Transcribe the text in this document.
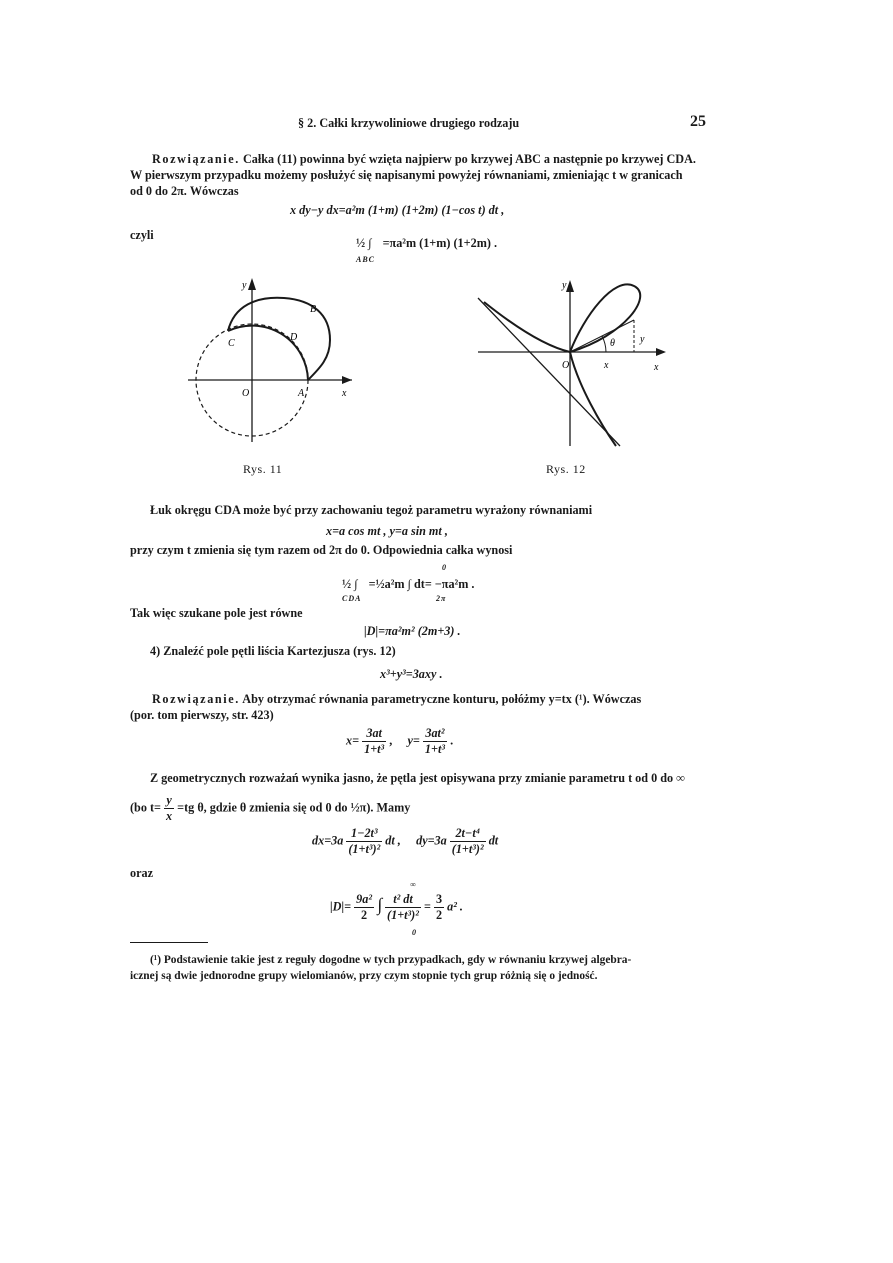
§ 2. Całki krzywoliniowe drugiego rodzaju	25
Rozwiązanie. Całka (11) powinna być wzięta najpierw po krzywej ABC a następnie po krzywej CDA.
W pierwszym przypadku możemy posłużyć się napisanymi powyżej równaniami, zmieniając t w granicach
od 0 do 2π. Wówczas
x dy−y dx=a²m (1+m) (1+2m) (1−cos t) dt ,
czyli
½ ∫ =πa²m (1+m) (1+2m) .
ABC
y
x
O	A
B
C
D
Rys. 11
y
x
x
y
O
θ
Rys. 12
Łuk okręgu CDA może być przy zachowaniu tegoż parametru wyrażony równaniami
x=a cos mt , y=a sin mt ,
przy czym t zmienia się tym razem od 2π do 0. Odpowiednia całka wynosi
0
½ ∫ =½a²m ∫ dt= −πa²m .
CDA	2π
Tak więc szukane pole jest równe
|D|=πa²m² (2m+3) .
4) Znaleźć pole pętli liścia Kartezjusza (rys. 12)
x³+y³=3axy .
Rozwiązanie. Aby otrzymać równania parametryczne konturu, połóżmy y=tx (¹). Wówczas
(por. tom pierwszy, str. 423)
$x= \frac{3at}{\text{1+t³}}$ , $y= \frac{\text{3at²}}{\text{1+t³}}$ .
Z geometrycznych rozważań wynika jasno, że pętla jest opisywana przy zmianie parametru t od 0 do ∞
(bo $t= \frac{y}{x} =tg$ θ, gdzie θ zmienia się od 0 do ½π). Mamy
$dx=3a \frac{\text{1−2t³}}{\text{(1+t³)²}}$ dt , $dy=3a \frac{\text{2t−t⁴}}{\text{(1+t³)²}}$ dt
oraz
∞
$|D|= \frac{\text{9a²}}{2}$ ∫ $\frac{\text{t² dt}}{\text{(1+t³)²}} = \frac{3}{2} a^2$ .
0
(¹) Podstawienie takie jest z reguły dogodne w tych przypadkach, gdy w równaniu krzywej algebra-
icznej są dwie jednorodne grupy wielomianów, przy czym stopnie tych grup różnią się o jedność.
